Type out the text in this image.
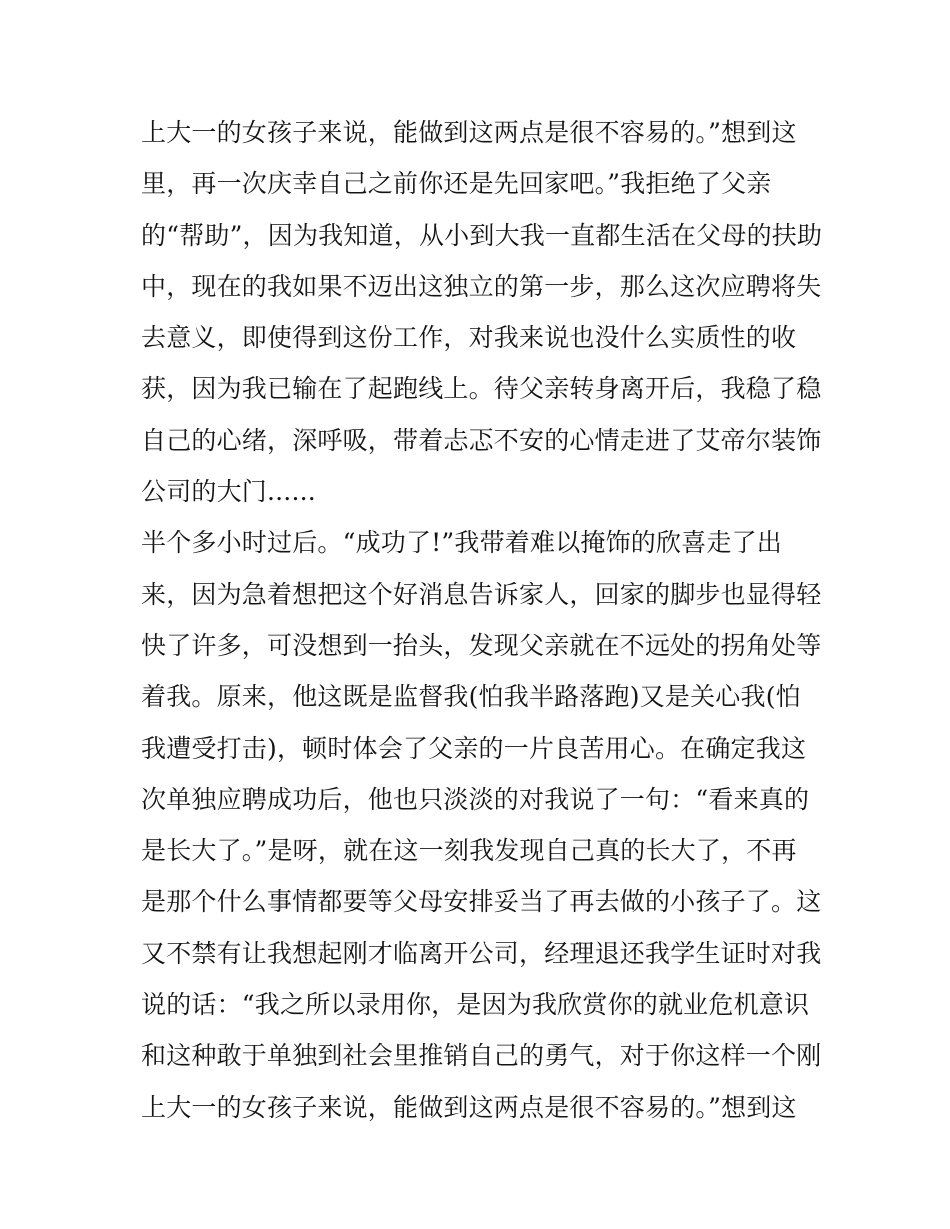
上大一的女孩子来说，能做到这两点是很不容易的。”想到这
里，再一次庆幸自己之前你还是先回家吧。”我拒绝了父亲
的“帮助”，因为我知道，从小到大我一直都生活在父母的扶助
中，现在的我如果不迈出这独立的第一步，那么这次应聘将失
去意义，即使得到这份工作，对我来说也没什么实质性的收
获，因为我已输在了起跑线上。待父亲转身离开后，我稳了稳
自己的心绪，深呼吸，带着忐忑不安的心情走进了艾帝尔装饰
公司的大门......
半个多小时过后。“成功了!”我带着难以掩饰的欣喜走了出
来，因为急着想把这个好消息告诉家人，回家的脚步也显得轻
快了许多，可没想到一抬头，发现父亲就在不远处的拐角处等
着我。原来，他这既是监督我(怕我半路落跑)又是关心我(怕
我遭受打击)，顿时体会了父亲的一片良苦用心。在确定我这
次单独应聘成功后，他也只淡淡的对我说了一句：“看来真的
是长大了。”是呀，就在这一刻我发现自己真的长大了，不再
是那个什么事情都要等父母安排妥当了再去做的小孩子了。这
又不禁有让我想起刚才临离开公司，经理退还我学生证时对我
说的话：“我之所以录用你，是因为我欣赏你的就业危机意识
和这种敢于单独到社会里推销自己的勇气，对于你这样一个刚
上大一的女孩子来说，能做到这两点是很不容易的。”想到这
